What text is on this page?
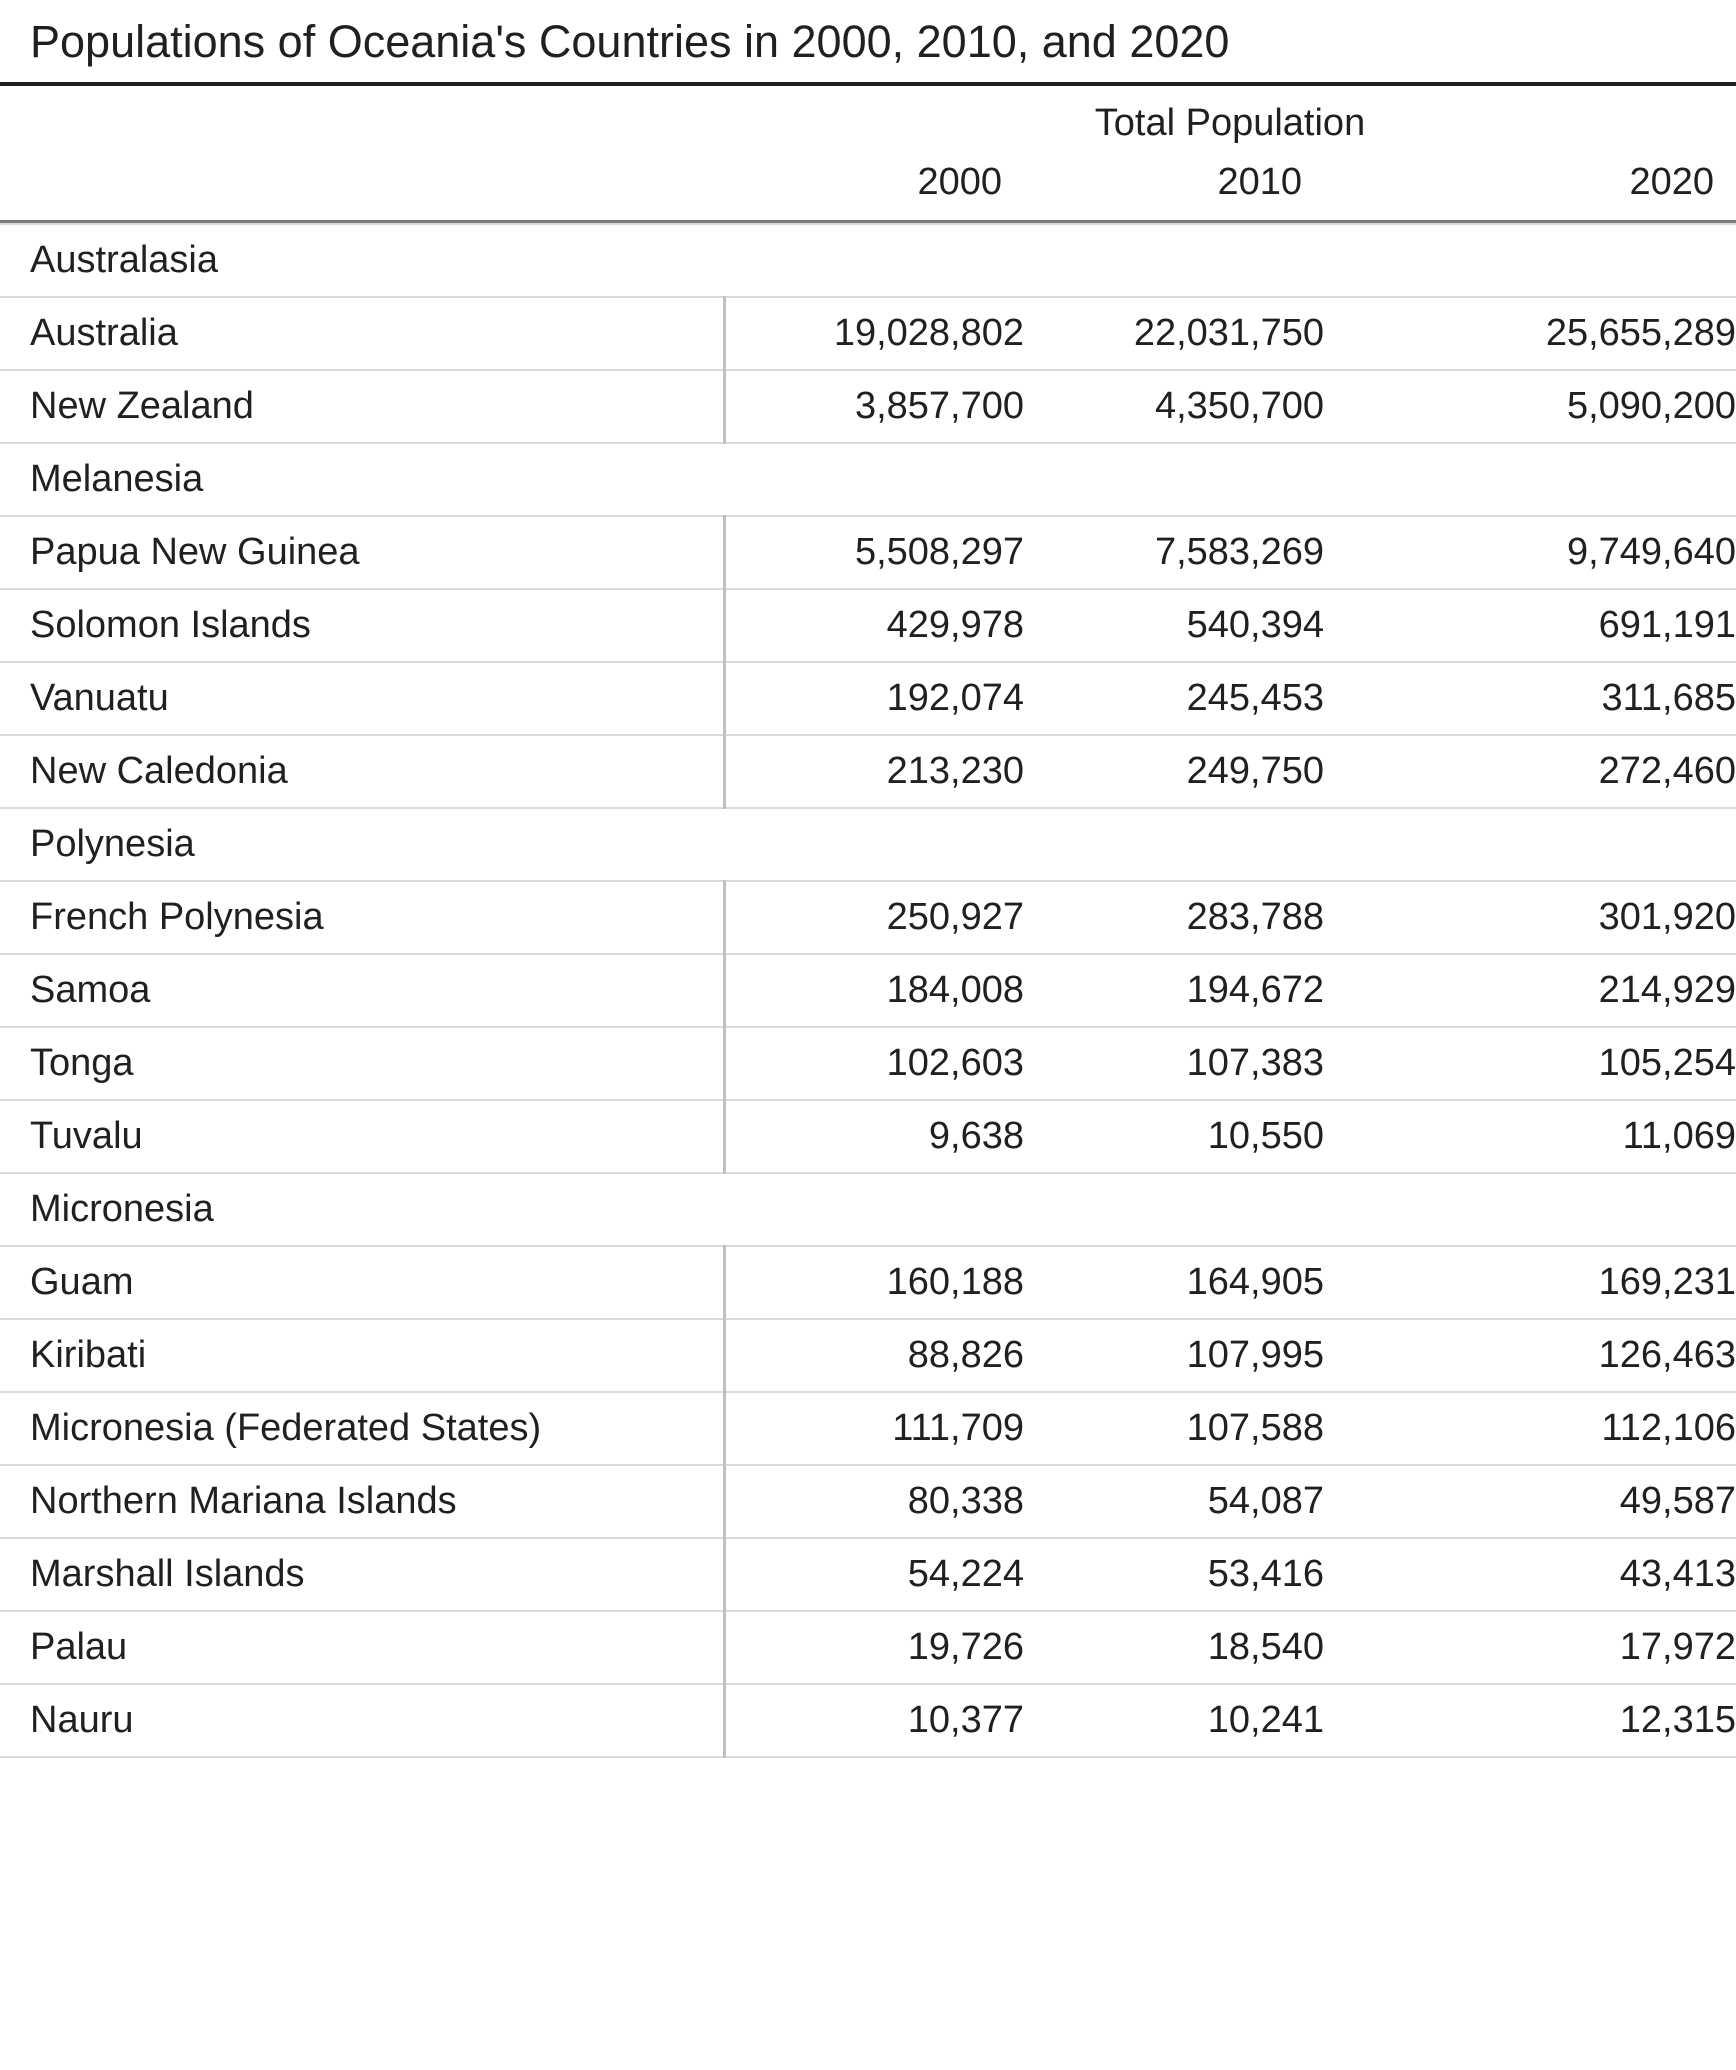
Populations of Oceania's Countries in 2000, 2010, and 2020
	Total Population		
	2000	2010	2020

Australasia			
Australia	19,028,802	22,031,750	25,655,289
New Zealand	3,857,700	4,350,700	5,090,200
Melanesia			
Papua New Guinea	5,508,297	7,583,269	9,749,640
Solomon Islands	429,978	540,394	691,191
Vanuatu	192,074	245,453	311,685
New Caledonia	213,230	249,750	272,460
Polynesia			
French Polynesia	250,927	283,788	301,920
Samoa	184,008	194,672	214,929
Tonga	102,603	107,383	105,254
Tuvalu	9,638	10,550	11,069
Micronesia			
Guam	160,188	164,905	169,231
Kiribati	88,826	107,995	126,463
Micronesia (Federated States)	111,709	107,588	112,106
Northern Mariana Islands	80,338	54,087	49,587
Marshall Islands	54,224	53,416	43,413
Palau	19,726	18,540	17,972
Nauru	10,377	10,241	12,315
